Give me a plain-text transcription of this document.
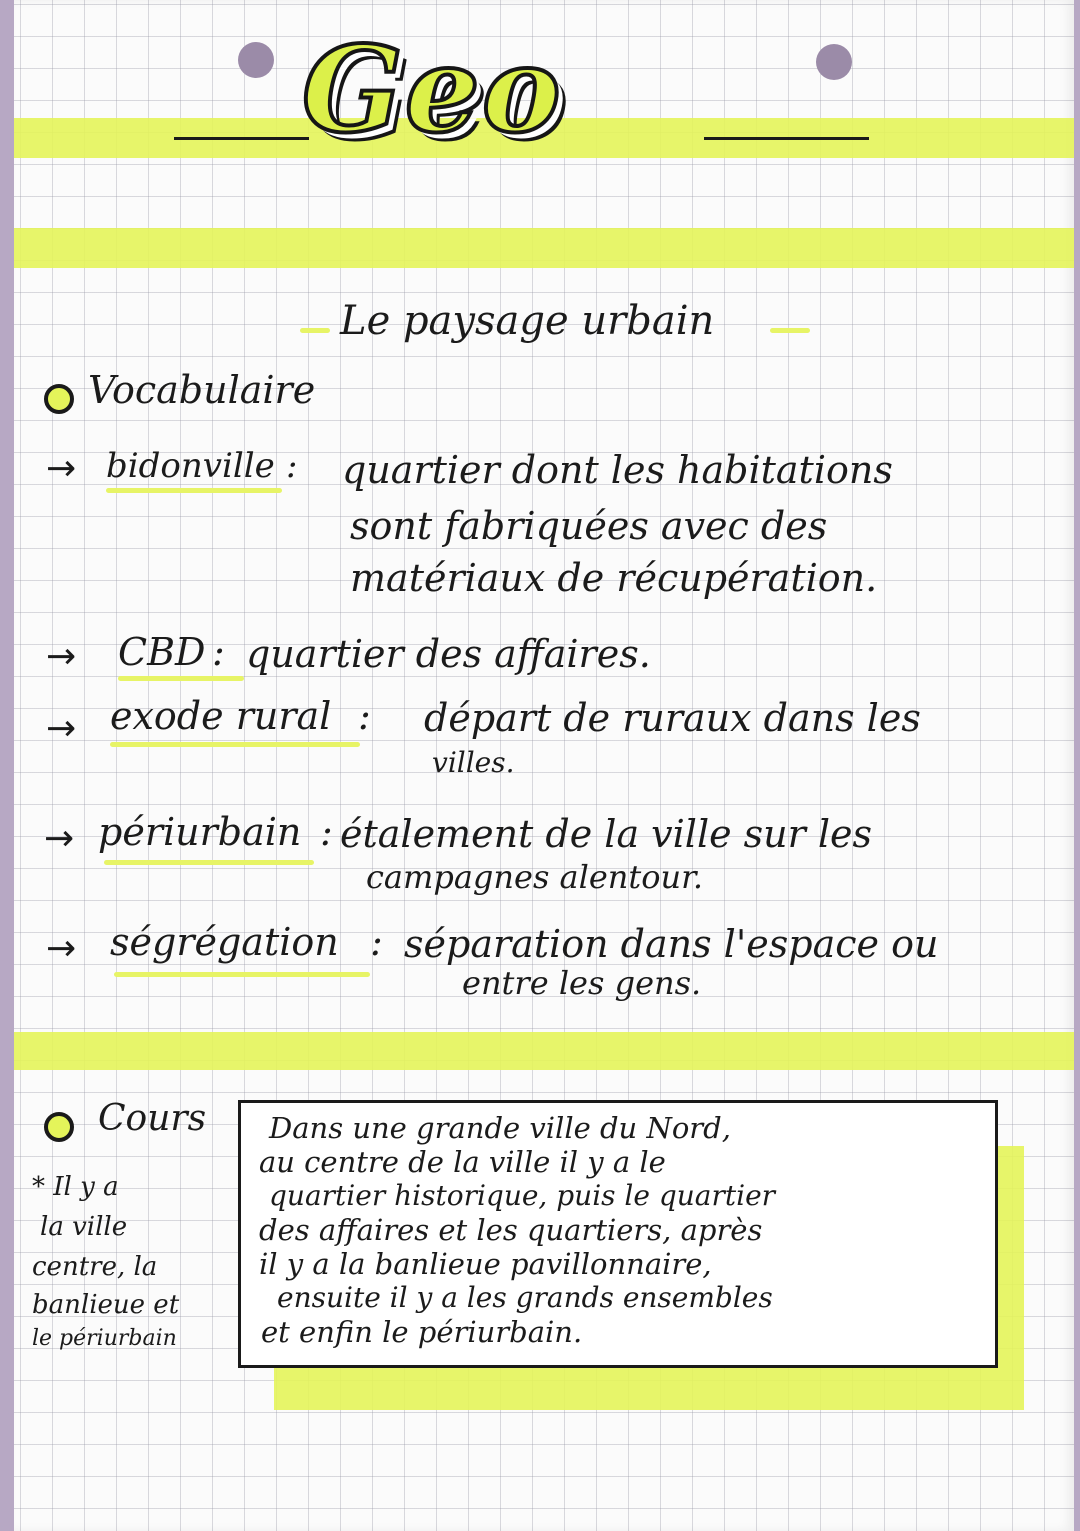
Geo
Le paysage urbain
Vocabulaire
→ bidonville : quartier dont les habitations
sont fabriquées avec des
matériaux de récupération.
→ CBD : quartier des affaires.
→ exode rural : départ de ruraux dans les
villes.
→ périurbain : étalement de la ville sur les
campagnes alentour.
→ ségrégation : séparation dans l'espace ou
entre les gens.
Cours
* Il y a
la ville
centre, la
banlieue et
le périurbain
Dans une grande ville du Nord,
au centre de la ville il y a le
quartier historique, puis le quartier
des affaires et les quartiers, après
il y a la banlieue pavillonnaire,
ensuite il y a les grands ensembles
et enfin le périurbain.
